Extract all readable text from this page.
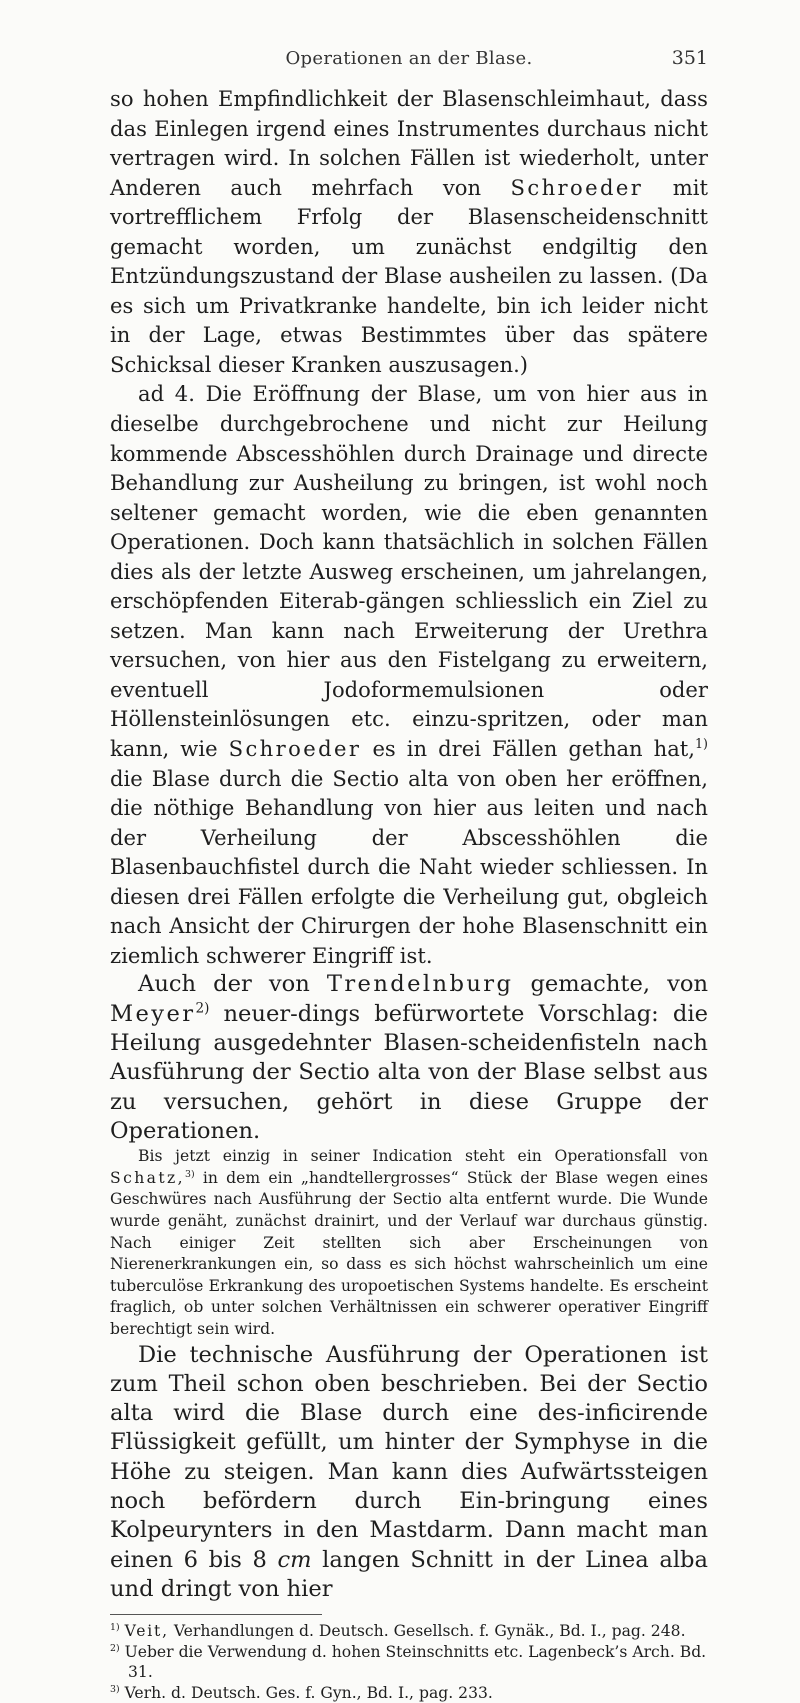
Operationen an der Blase.	351

so hohen Empfindlichkeit der Blasenschleimhaut, dass das Einlegen irgend eines Instrumentes durchaus nicht vertragen wird. In solchen Fällen ist wiederholt, unter Anderen auch mehrfach von Schroeder mit vortrefflichem Frfolg der Blasenscheidenschnitt gemacht worden, um zunächst endgiltig den Entzündungszustand der Blase ausheilen zu lassen. (Da es sich um Privatkranke handelte, bin ich leider nicht in der Lage, etwas Bestimmtes über das spätere Schicksal dieser Kranken auszusagen.)

ad 4. Die Eröffnung der Blase, um von hier aus in dieselbe durchgebrochene und nicht zur Heilung kommende Abscesshöhlen durch Drainage und directe Behandlung zur Ausheilung zu bringen, ist wohl noch seltener gemacht worden, wie die eben genannten Operationen. Doch kann thatsächlich in solchen Fällen dies als der letzte Ausweg erscheinen, um jahrelangen, erschöpfenden Eiterab-gängen schliesslich ein Ziel zu setzen. Man kann nach Erweiterung der Urethra versuchen, von hier aus den Fistelgang zu erweitern, eventuell Jodoformemulsionen oder Höllensteinlösungen etc. einzu-spritzen, oder man kann, wie Schroeder es in drei Fällen gethan hat,$^{1)}$ die Blase durch die Sectio alta von oben her eröffnen, die nöthige Behandlung von hier aus leiten und nach der Verheilung der Abscesshöhlen die Blasenbauchfistel durch die Naht wieder schliessen. In diesen drei Fällen erfolgte die Verheilung gut, obgleich nach Ansicht der Chirurgen der hohe Blasenschnitt ein ziemlich schwerer Eingriff ist.

Auch der von Trendelnburg gemachte, von Meyer$^{2)}$ neuer-dings befürwortete Vorschlag: die Heilung ausgedehnter Blasen-scheidenfisteln nach Ausführung der Sectio alta von der Blase selbst aus zu versuchen, gehört in diese Gruppe der Operationen.

Bis jetzt einzig in seiner Indication steht ein Operationsfall von Schatz,$^{3)}$ in dem ein „handtellergrosses“ Stück der Blase wegen eines Geschwüres nach Ausführung der Sectio alta entfernt wurde. Die Wunde wurde genäht, zunächst drainirt, und der Verlauf war durchaus günstig. Nach einiger Zeit stellten sich aber Erscheinungen von Nierenerkrankungen ein, so dass es sich höchst wahrscheinlich um eine tuberculöse Erkrankung des uropoetischen Systems handelte. Es erscheint fraglich, ob unter solchen Verhältnissen ein schwerer operativer Eingriff berechtigt sein wird.

Die technische Ausführung der Operationen ist zum Theil schon oben beschrieben. Bei der Sectio alta wird die Blase durch eine des-inficirende Flüssigkeit gefüllt, um hinter der Symphyse in die Höhe zu steigen. Man kann dies Aufwärtssteigen noch befördern durch Ein-bringung eines Kolpeurynters in den Mastdarm. Dann macht man einen 6 bis 8 cm langen Schnitt in der Linea alba und dringt von hier

$^{1)}$ Veit, Verhandlungen d. Deutsch. Gesellsch. f. Gynäk., Bd. I., pag. 248.

$^{2)}$ Ueber die Verwendung d. hohen Steinschnitts etc. Lagenbeck’s Arch. Bd. 31.

$^{3)}$ Verh. d. Deutsch. Ges. f. Gyn., Bd. I., pag. 233.
